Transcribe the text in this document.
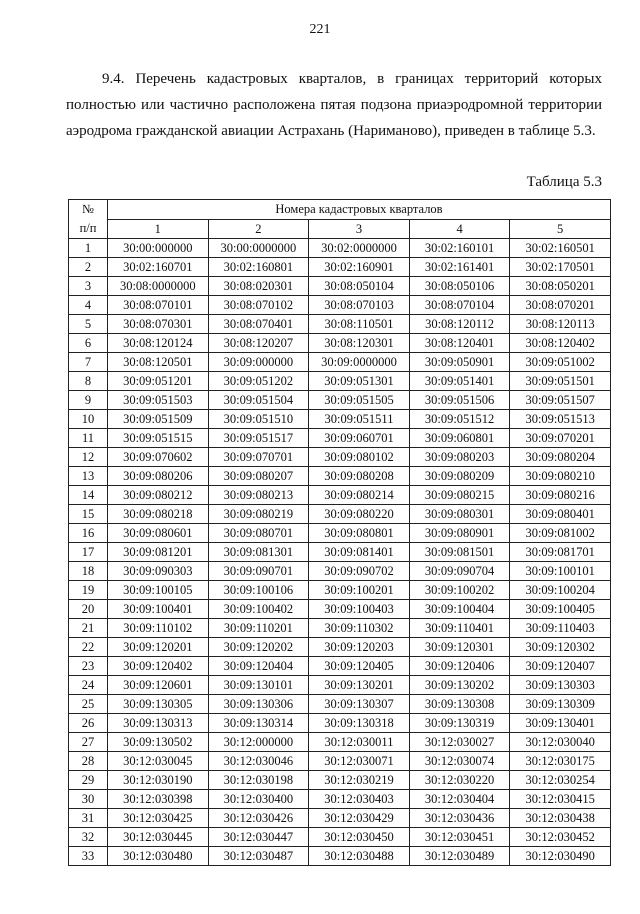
221

9.4. Перечень кадастровых кварталов, в границах территорий которых полностью или частично расположена пятая подзона приаэродромной территории аэродрома гражданской авиации Астрахань (Нариманово), приведен в таблице 5.3.

Таблица 5.3
№
п/п	Номера кадастровых кварталов				
	1	2	3	4	5
1	30:00:000000	30:00:0000000	30:02:0000000	30:02:160101	30:02:160501
2	30:02:160701	30:02:160801	30:02:160901	30:02:161401	30:02:170501
3	30:08:0000000	30:08:020301	30:08:050104	30:08:050106	30:08:050201
4	30:08:070101	30:08:070102	30:08:070103	30:08:070104	30:08:070201
5	30:08:070301	30:08:070401	30:08:110501	30:08:120112	30:08:120113
6	30:08:120124	30:08:120207	30:08:120301	30:08:120401	30:08:120402
7	30:08:120501	30:09:000000	30:09:0000000	30:09:050901	30:09:051002
8	30:09:051201	30:09:051202	30:09:051301	30:09:051401	30:09:051501
9	30:09:051503	30:09:051504	30:09:051505	30:09:051506	30:09:051507
10	30:09:051509	30:09:051510	30:09:051511	30:09:051512	30:09:051513
11	30:09:051515	30:09:051517	30:09:060701	30:09:060801	30:09:070201
12	30:09:070602	30:09:070701	30:09:080102	30:09:080203	30:09:080204
13	30:09:080206	30:09:080207	30:09:080208	30:09:080209	30:09:080210
14	30:09:080212	30:09:080213	30:09:080214	30:09:080215	30:09:080216
15	30:09:080218	30:09:080219	30:09:080220	30:09:080301	30:09:080401
16	30:09:080601	30:09:080701	30:09:080801	30:09:080901	30:09:081002
17	30:09:081201	30:09:081301	30:09:081401	30:09:081501	30:09:081701
18	30:09:090303	30:09:090701	30:09:090702	30:09:090704	30:09:100101
19	30:09:100105	30:09:100106	30:09:100201	30:09:100202	30:09:100204
20	30:09:100401	30:09:100402	30:09:100403	30:09:100404	30:09:100405
21	30:09:110102	30:09:110201	30:09:110302	30:09:110401	30:09:110403
22	30:09:120201	30:09:120202	30:09:120203	30:09:120301	30:09:120302
23	30:09:120402	30:09:120404	30:09:120405	30:09:120406	30:09:120407
24	30:09:120601	30:09:130101	30:09:130201	30:09:130202	30:09:130303
25	30:09:130305	30:09:130306	30:09:130307	30:09:130308	30:09:130309
26	30:09:130313	30:09:130314	30:09:130318	30:09:130319	30:09:130401
27	30:09:130502	30:12:000000	30:12:030011	30:12:030027	30:12:030040
28	30:12:030045	30:12:030046	30:12:030071	30:12:030074	30:12:030175
29	30:12:030190	30:12:030198	30:12:030219	30:12:030220	30:12:030254
30	30:12:030398	30:12:030400	30:12:030403	30:12:030404	30:12:030415
31	30:12:030425	30:12:030426	30:12:030429	30:12:030436	30:12:030438
32	30:12:030445	30:12:030447	30:12:030450	30:12:030451	30:12:030452
33	30:12:030480	30:12:030487	30:12:030488	30:12:030489	30:12:030490
